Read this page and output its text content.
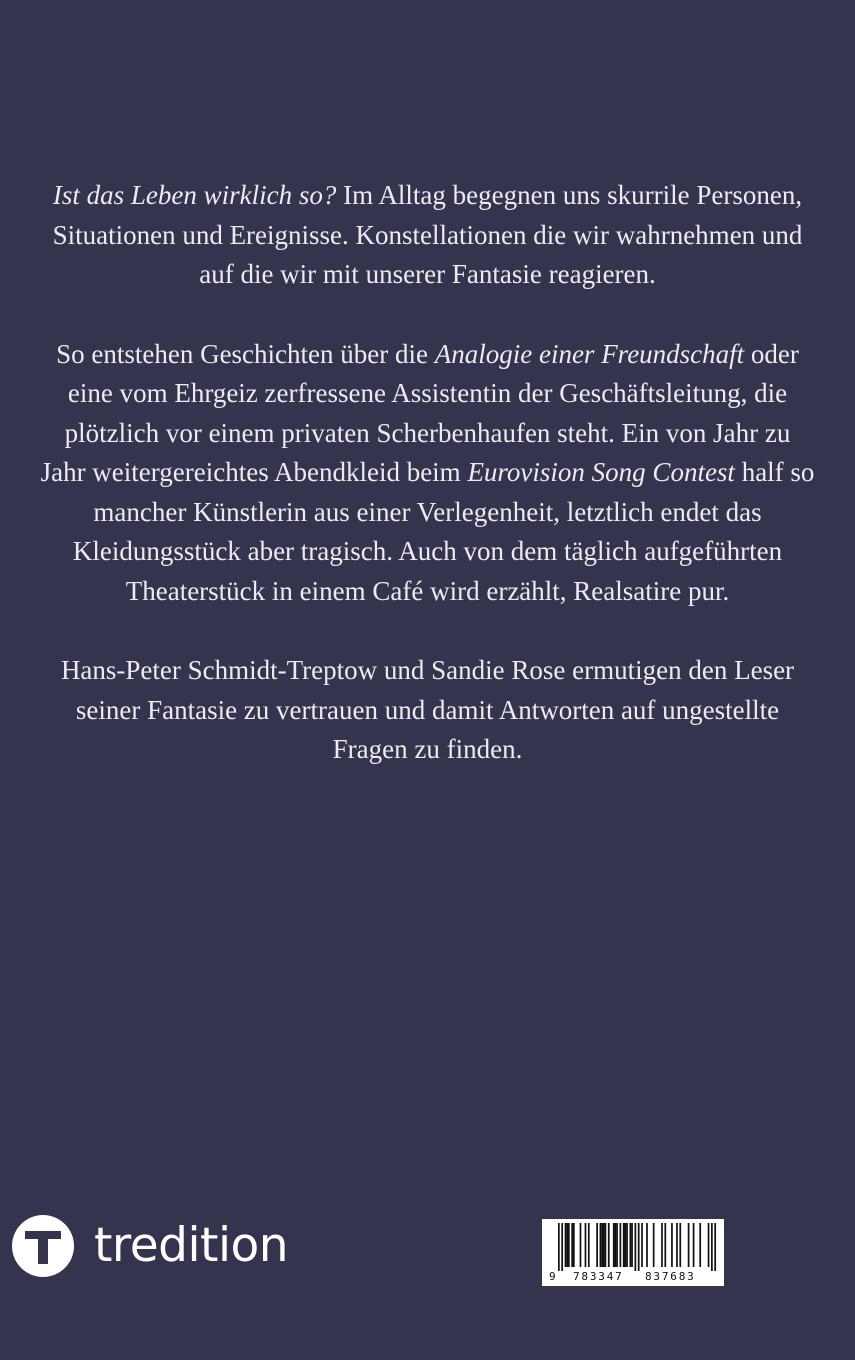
Ist das Leben wirklich so? Im Alltag begegnen uns skurrile Personen, Situationen und Ereignisse. Konstellationen die wir wahrnehmen und auf die wir mit unserer Fantasie reagieren.

So entstehen Geschichten über die Analogie einer Freundschaft oder eine vom Ehrgeiz zerfressene Assistentin der Geschäftsleitung, die plötzlich vor einem privaten Scherbenhaufen steht. Ein von Jahr zu Jahr weitergereichtes Abendkleid beim Eurovision Song Contest half so mancher Künstlerin aus einer Verlegenheit, letztlich endet das Kleidungsstück aber tragisch. Auch von dem täglich aufgeführten Theaterstück in einem Café wird erzählt, Realsatire pur.

Hans-Peter Schmidt-Treptow und Sandie Rose ermutigen den Leser seiner Fantasie zu vertrauen und damit Antworten auf ungestellte Fragen zu finden.

tredition
9 783347 837683
